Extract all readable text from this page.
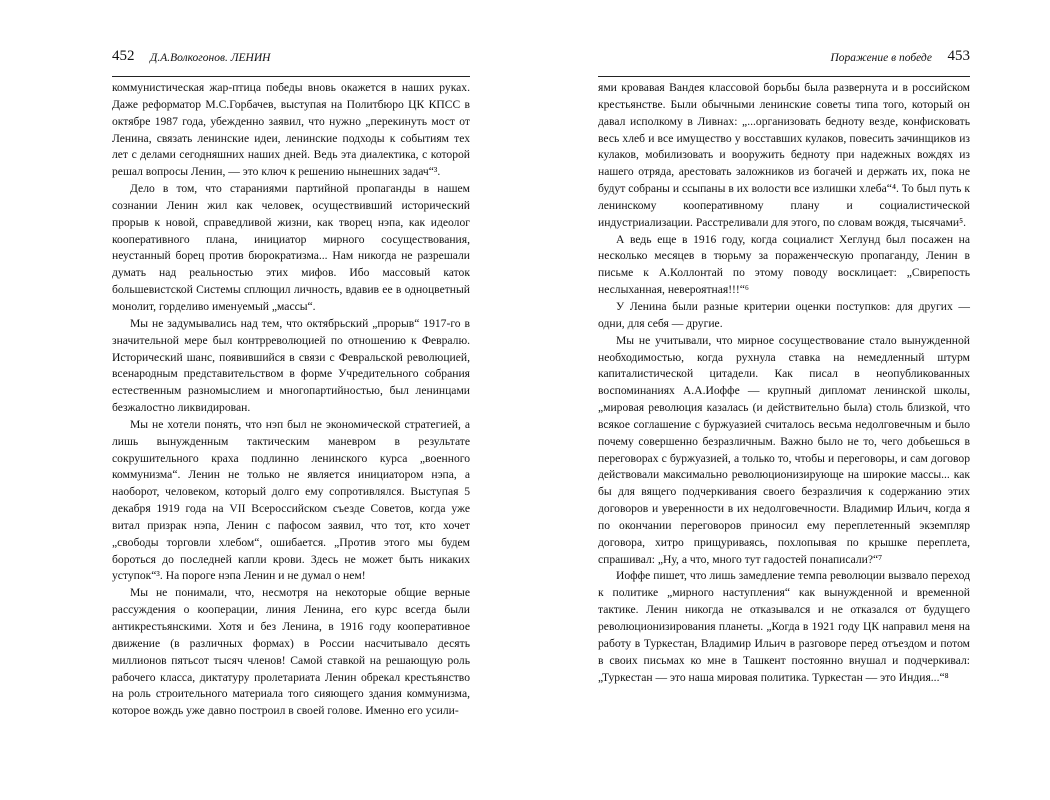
452 Д.А.Волкогонов. ЛЕНИН

коммунистическая жар-птица победы вновь окажется в наших руках. Даже реформатор М.С.Горбачев, выступая на Политбюро ЦК КПСС в октябре 1987 года, убежденно заявил, что нужно „перекинуть мост от Ленина, связать ленинские идеи, ленинские подходы к событиям тех лет с делами сегодняшних наших дней. Ведь эта диалектика, с которой решал вопросы Ленин, — это ключ к решению нынешних задач“³.

Дело в том, что стараниями партийной пропаганды в нашем сознании Ленин жил как человек, осуществивший исторический прорыв к новой, справедливой жизни, как творец нэпа, как идеолог кооперативного плана, инициатор мирного сосуществования, неустанный борец против бюрократизма... Нам никогда не разрешали думать над реальностью этих мифов. Ибо массовый каток большевистской Системы сплющил личность, вдавив ее в одноцветный монолит, горделиво именуемый „массы“.

Мы не задумывались над тем, что октябрьский „прорыв“ 1917-го в значительной мере был контрреволюцией по отношению к Февралю. Исторический шанс, появившийся в связи с Февральской революцией, всенародным представительством в форме Учредительного собрания естественным разномыслием и многопартийностью, был ленинцами безжалостно ликвидирован.

Мы не хотели понять, что нэп был не экономической стратегией, а лишь вынужденным тактическим маневром в результате сокрушительного краха подлинно ленинского курса „военного коммунизма“. Ленин не только не является инициатором нэпа, а наоборот, человеком, который долго ему сопротивлялся. Выступая 5 декабря 1919 года на VII Всероссийском съезде Советов, когда уже витал призрак нэпа, Ленин с пафосом заявил, что тот, кто хочет „свободы торговли хлебом“, ошибается. „Против этого мы будем бороться до последней капли крови. Здесь не может быть никаких уступок“³. На пороге нэпа Ленин и не думал о нем!

Мы не понимали, что, несмотря на некоторые общие верные рассуждения о кооперации, линия Ленина, его курс всегда были антикрестьянскими. Хотя и без Ленина, в 1916 году кооперативное движение (в различных формах) в России насчитывало десять миллионов пятьсот тысяч членов! Самой ставкой на решающую роль рабочего класса, диктатуру пролетариата Ленин обрекал крестьянство на роль строительного материала того сияющего здания коммунизма, которое вождь уже давно построил в своей голове. Именно его усили-

Поражение в победе 453

ями кровавая Вандея классовой борьбы была развернута и в российском крестьянстве. Были обычными ленинские советы типа того, который он давал исполкому в Ливнах: „...организовать бедноту везде, конфисковать весь хлеб и все имущество у восставших кулаков, повесить зачинщиков из кулаков, мобилизовать и вооружить бедноту при надежных вождях из нашего отряда, арестовать заложников из богачей и держать их, пока не будут собраны и ссыпаны в их волости все излишки хлеба“⁴. То был путь к ленинскому кооперативному плану и социалистической индустриализации. Расстреливали для этого, по словам вождя, тысячами⁵.

А ведь еще в 1916 году, когда социалист Хеглунд был посажен на несколько месяцев в тюрьму за пораженческую пропаганду, Ленин в письме к А.Коллонтай по этому поводу восклицает: „Свирепость неслыханная, невероятная!!!“⁶

У Ленина были разные критерии оценки поступков: для других — одни, для себя — другие.

Мы не учитывали, что мирное сосуществование стало вынужденной необходимостью, когда рухнула ставка на немедленный штурм капиталистической цитадели. Как писал в неопубликованных воспоминаниях А.А.Иоффе — крупный дипломат ленинской школы, „мировая революция казалась (и действительно была) столь близкой, что всякое соглашение с буржуазией считалось весьма недолговечным и было почему совершенно безразличным. Важно было не то, чего добьешься в переговорах с буржуазией, а только то, чтобы и переговоры, и сам договор действовали максимально революционизирующе на широкие массы... как бы для вящего подчеркивания своего безразличия к содержанию этих договоров и уверенности в их недолговечности. Владимир Ильич, когда я по окончании переговоров приносил ему переплетенный экземпляр договора, хитро прищуриваясь, похлопывая по крышке переплета, спрашивал: „Ну, а что, много тут гадостей понаписали?“⁷

Иоффе пишет, что лишь замедление темпа революции вызвало переход к политике „мирного наступления“ как вынужденной и временной тактике. Ленин никогда не отказывался и не отказался от будущего революционизирования планеты. „Когда в 1921 году ЦК направил меня на работу в Туркестан, Владимир Ильич в разговоре перед отъездом и потом в своих письмах ко мне в Ташкент постоянно внушал и подчеркивал: „Туркестан — это наша мировая политика. Туркестан — это Индия...“⁸
